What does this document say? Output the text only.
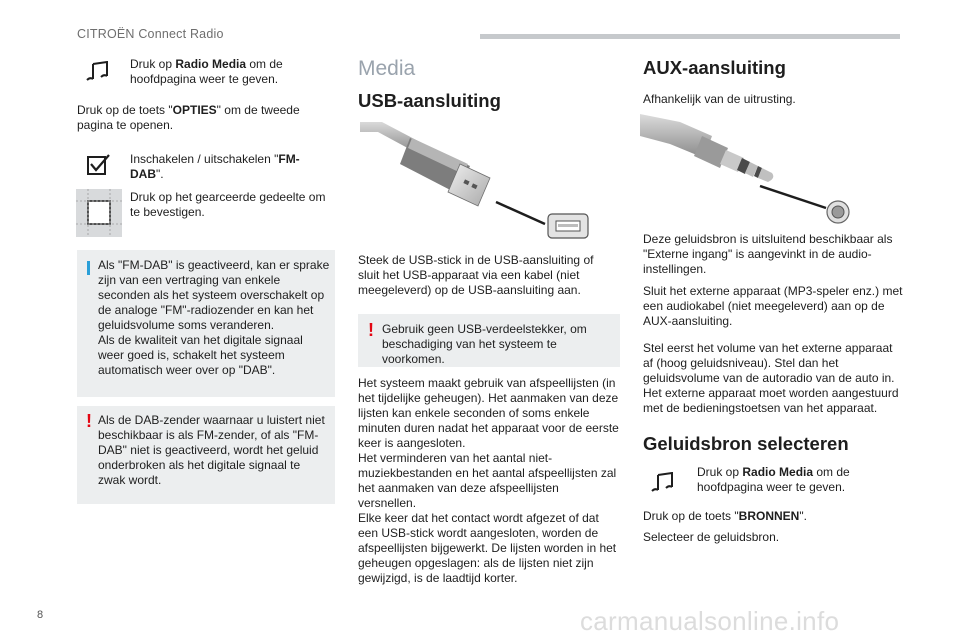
CITROËN Connect Radio
Druk op Radio Media om de hoofdpagina weer te geven.
Druk op de toets "OPTIES" om de tweede pagina te openen.
Inschakelen / uitschakelen "FM-DAB".
Druk op het gearceerde gedeelte om te bevestigen.
Als "FM-DAB" is geactiveerd, kan er sprake zijn van een vertraging van enkele seconden als het systeem overschakelt op de analoge "FM"-radiozender en kan het geluidsvolume soms veranderen.
Als de kwaliteit van het digitale signaal weer goed is, schakelt het systeem automatisch weer over op "DAB".
! Als de DAB-zender waarnaar u luistert niet beschikbaar is als FM-zender, of als "FM-DAB" niet is geactiveerd, wordt het geluid onderbroken als het digitale signaal te zwak wordt.
Media
USB-aansluiting
Steek de USB-stick in de USB-aansluiting of sluit het USB-apparaat via een kabel (niet meegeleverd) op de USB-aansluiting aan.
! Gebruik geen USB-verdeelstekker, om beschadiging van het systeem te voorkomen.
Het systeem maakt gebruik van afspeellijsten (in het tijdelijke geheugen). Het aanmaken van deze lijsten kan enkele seconden of soms enkele minuten duren nadat het apparaat voor de eerste keer is aangesloten.
Het verminderen van het aantal niet-muziekbestanden en het aantal afspeellijsten zal het aanmaken van deze afspeellijsten versnellen.
Elke keer dat het contact wordt afgezet of dat een USB-stick wordt aangesloten, worden de afspeellijsten bijgewerkt. De lijsten worden in het geheugen opgeslagen: als de lijsten niet zijn gewijzigd, is de laadtijd korter.
AUX-aansluiting
Afhankelijk van de uitrusting.
Deze geluidsbron is uitsluitend beschikbaar als "Externe ingang" is aangevinkt in de audio-instellingen.
Sluit het externe apparaat (MP3-speler enz.) met een audiokabel (niet meegeleverd) aan op de AUX-aansluiting.
Stel eerst het volume van het externe apparaat af (hoog geluidsniveau). Stel dan het geluidsvolume van de autoradio van de auto in. Het externe apparaat moet worden aangestuurd met de bedieningstoetsen van het apparaat.
Geluidsbron selecteren
Druk op Radio Media om de hoofdpagina weer te geven.
Druk op de toets "BRONNEN".
Selecteer de geluidsbron.
8	carmanualsonline.info
